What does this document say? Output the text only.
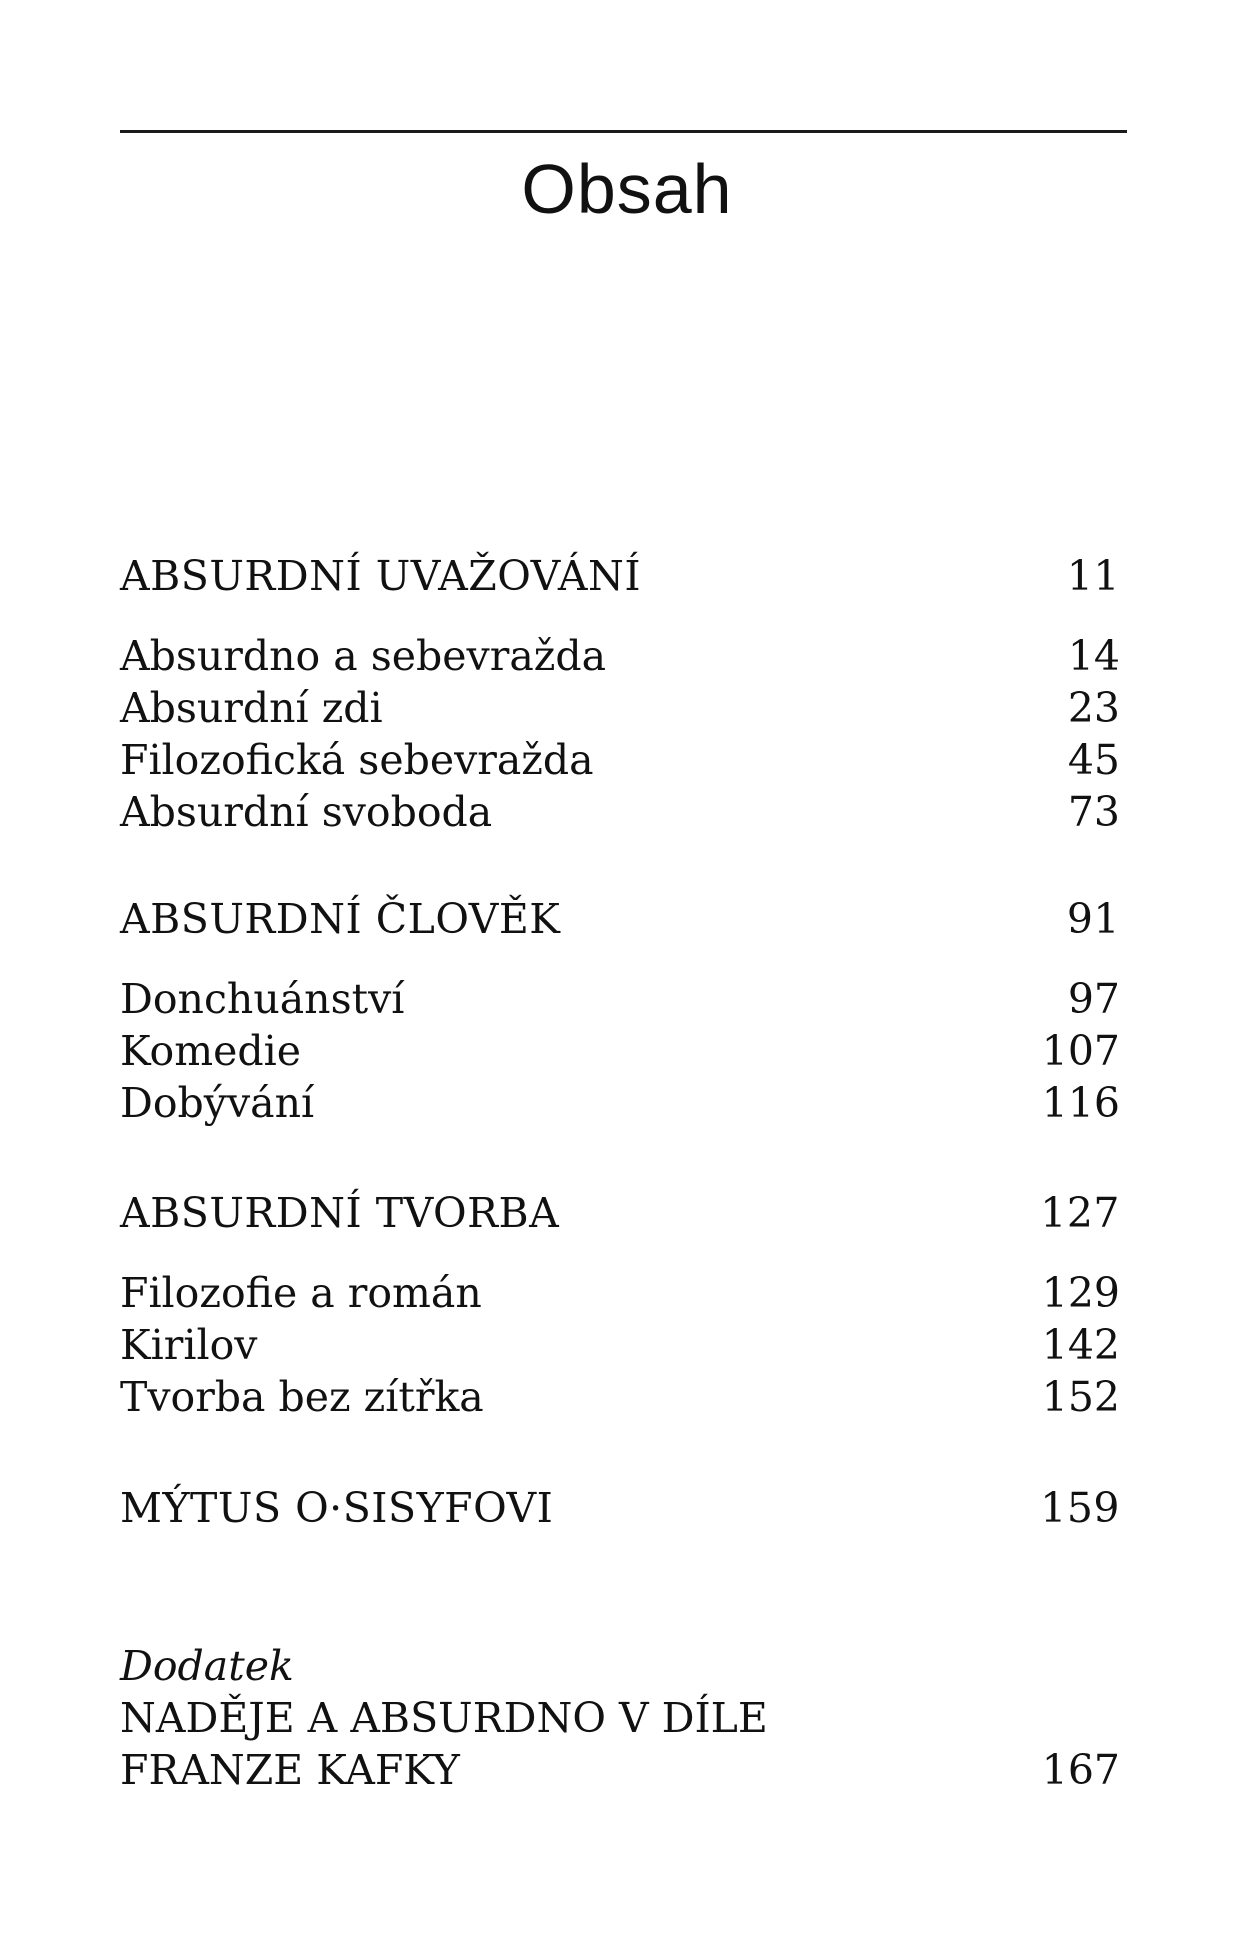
Obsah
ABSURDNÍ UVAŽOVÁNÍ	11
Absurdno a sebevražda	14
Absurdní zdi	23
Filozofická sebevražda	45
Absurdní svoboda	73
ABSURDNÍ ČLOVĚK	91
Donchuánství	97
Komedie	107
Dobývání	116
ABSURDNÍ TVORBA	127
Filozofie a román	129
Kirilov	142
Tvorba bez zítřka	152
MÝTUS O·SISYFOVI	159
Dodatek
NADĚJE A ABSURDNO V DÍLE
FRANZE KAFKY	167
